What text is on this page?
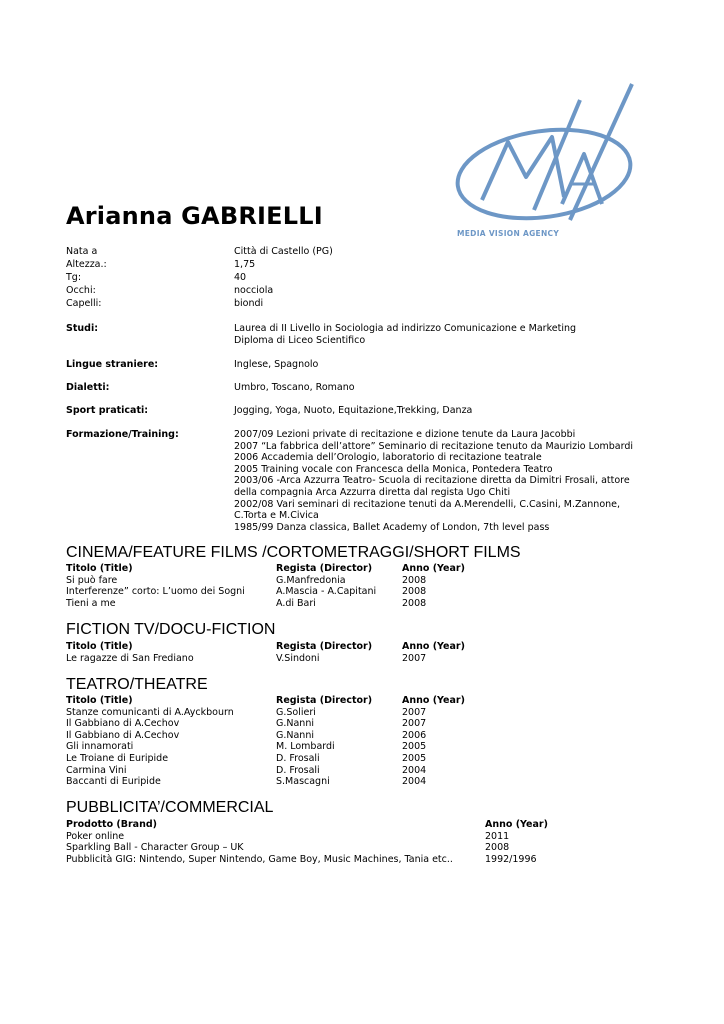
MEDIA VISION AGENCY
Arianna GABRIELLI
Nata a	Città di Castello (PG)
Altezza.:	1,75
Tg:	40
Occhi:	nocciola
Capelli:	biondi
Studi:	Laurea di II Livello in Sociologia ad indirizzo Comunicazione e Marketing
Diploma di Liceo Scientifico
Lingue straniere:	Inglese, Spagnolo
Dialetti:	Umbro, Toscano, Romano
Sport praticati:	Jogging, Yoga, Nuoto, Equitazione,Trekking, Danza
Formazione/Training:	2007/09 Lezioni private di recitazione e dizione tenute da Laura Jacobbi
2007 “La fabbrica dell’attore” Seminario di recitazione tenuto da Maurizio Lombardi
2006 Accademia dell’Orologio, laboratorio di recitazione teatrale
2005 Training vocale con Francesca della Monica, Pontedera Teatro
2003/06 -Arca Azzurra Teatro- Scuola di recitazione diretta da Dimitri Frosali, attore
della compagnia Arca Azzurra diretta dal regista Ugo Chiti
2002/08 Vari seminari di recitazione tenuti da A.Merendelli, C.Casini, M.Zannone,
C.Torta e M.Civica
1985/99 Danza classica, Ballet Academy of London, 7th level pass
CINEMA/FEATURE FILMS /CORTOMETRAGGI/SHORT FILMS
Titolo (Title)	Regista (Director)	Anno (Year)
Si può fare	G.Manfredonia	2008
Interferenze” corto: L’uomo dei Sogni	A.Mascia - A.Capitani	2008
Tieni a me	A.di Bari	2008
FICTION TV/DOCU-FICTION
Titolo (Title)	Regista (Director)	Anno (Year)
Le ragazze di San Frediano	V.Sindoni	2007
TEATRO/THEATRE
Titolo (Title)	Regista (Director)	Anno (Year)
Stanze comunicanti di A.Ayckbourn	G.Solieri	2007
Il Gabbiano di A.Cechov	G.Nanni	2007
Il Gabbiano di A.Cechov	G.Nanni	2006
Gli innamorati	M. Lombardi	2005
Le Troiane di Euripide	D. Frosali	2005
Carmina Vini	D. Frosali	2004
Baccanti di Euripide	S.Mascagni	2004
PUBBLICITA’/COMMERCIAL
Prodotto (Brand)	Anno (Year)
Poker online	2011
Sparkling Ball - Character Group – UK	2008
Pubblicità GIG: Nintendo, Super Nintendo, Game Boy, Music Machines, Tania etc..	1992/1996
